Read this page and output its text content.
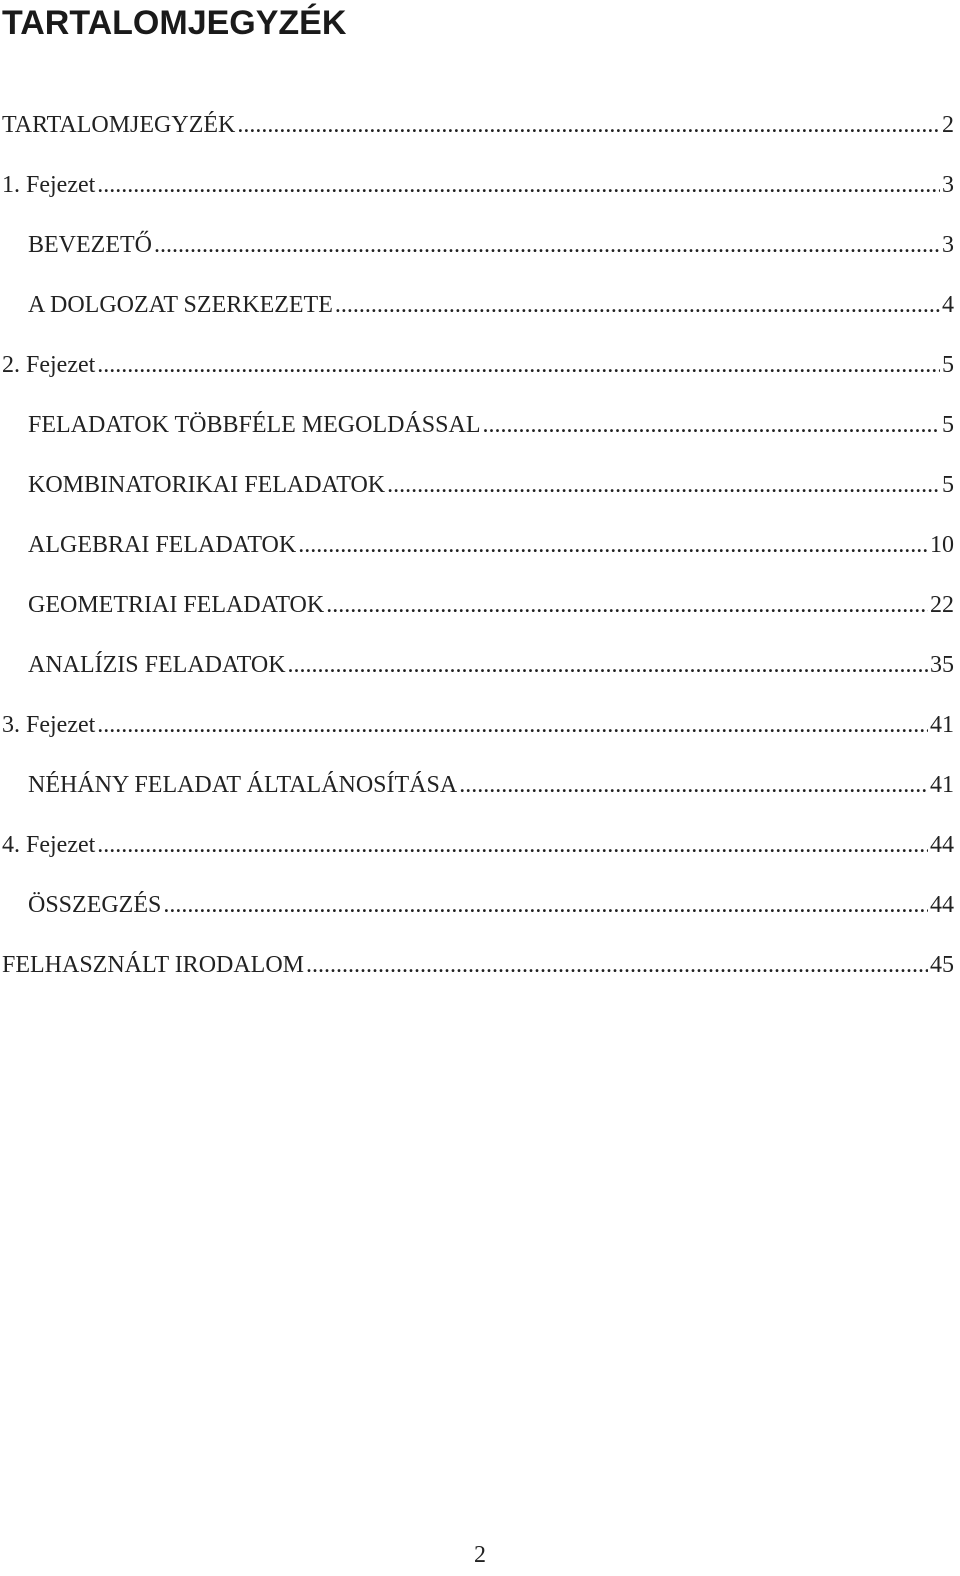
TARTALOMJEGYZÉK
TARTALOMJEGYZÉK .....	2
1. Fejezet .....	3
BEVEZETŐ .....	3
A DOLGOZAT SZERKEZETE .....	4
2. Fejezet .....	5
FELADATOK TÖBBFÉLE MEGOLDÁSSAL .....	5
KOMBINATORIKAI FELADATOK .....	5
ALGEBRAI FELADATOK .....	10
GEOMETRIAI FELADATOK .....	22
ANALÍZIS FELADATOK .....	35
3. Fejezet .....	41
NÉHÁNY FELADAT ÁLTALÁNOSÍTÁSA .....	41
4. Fejezet .....	44
ÖSSZEGZÉS .....	44
FELHASZNÁLT IRODALOM .....	45
2
